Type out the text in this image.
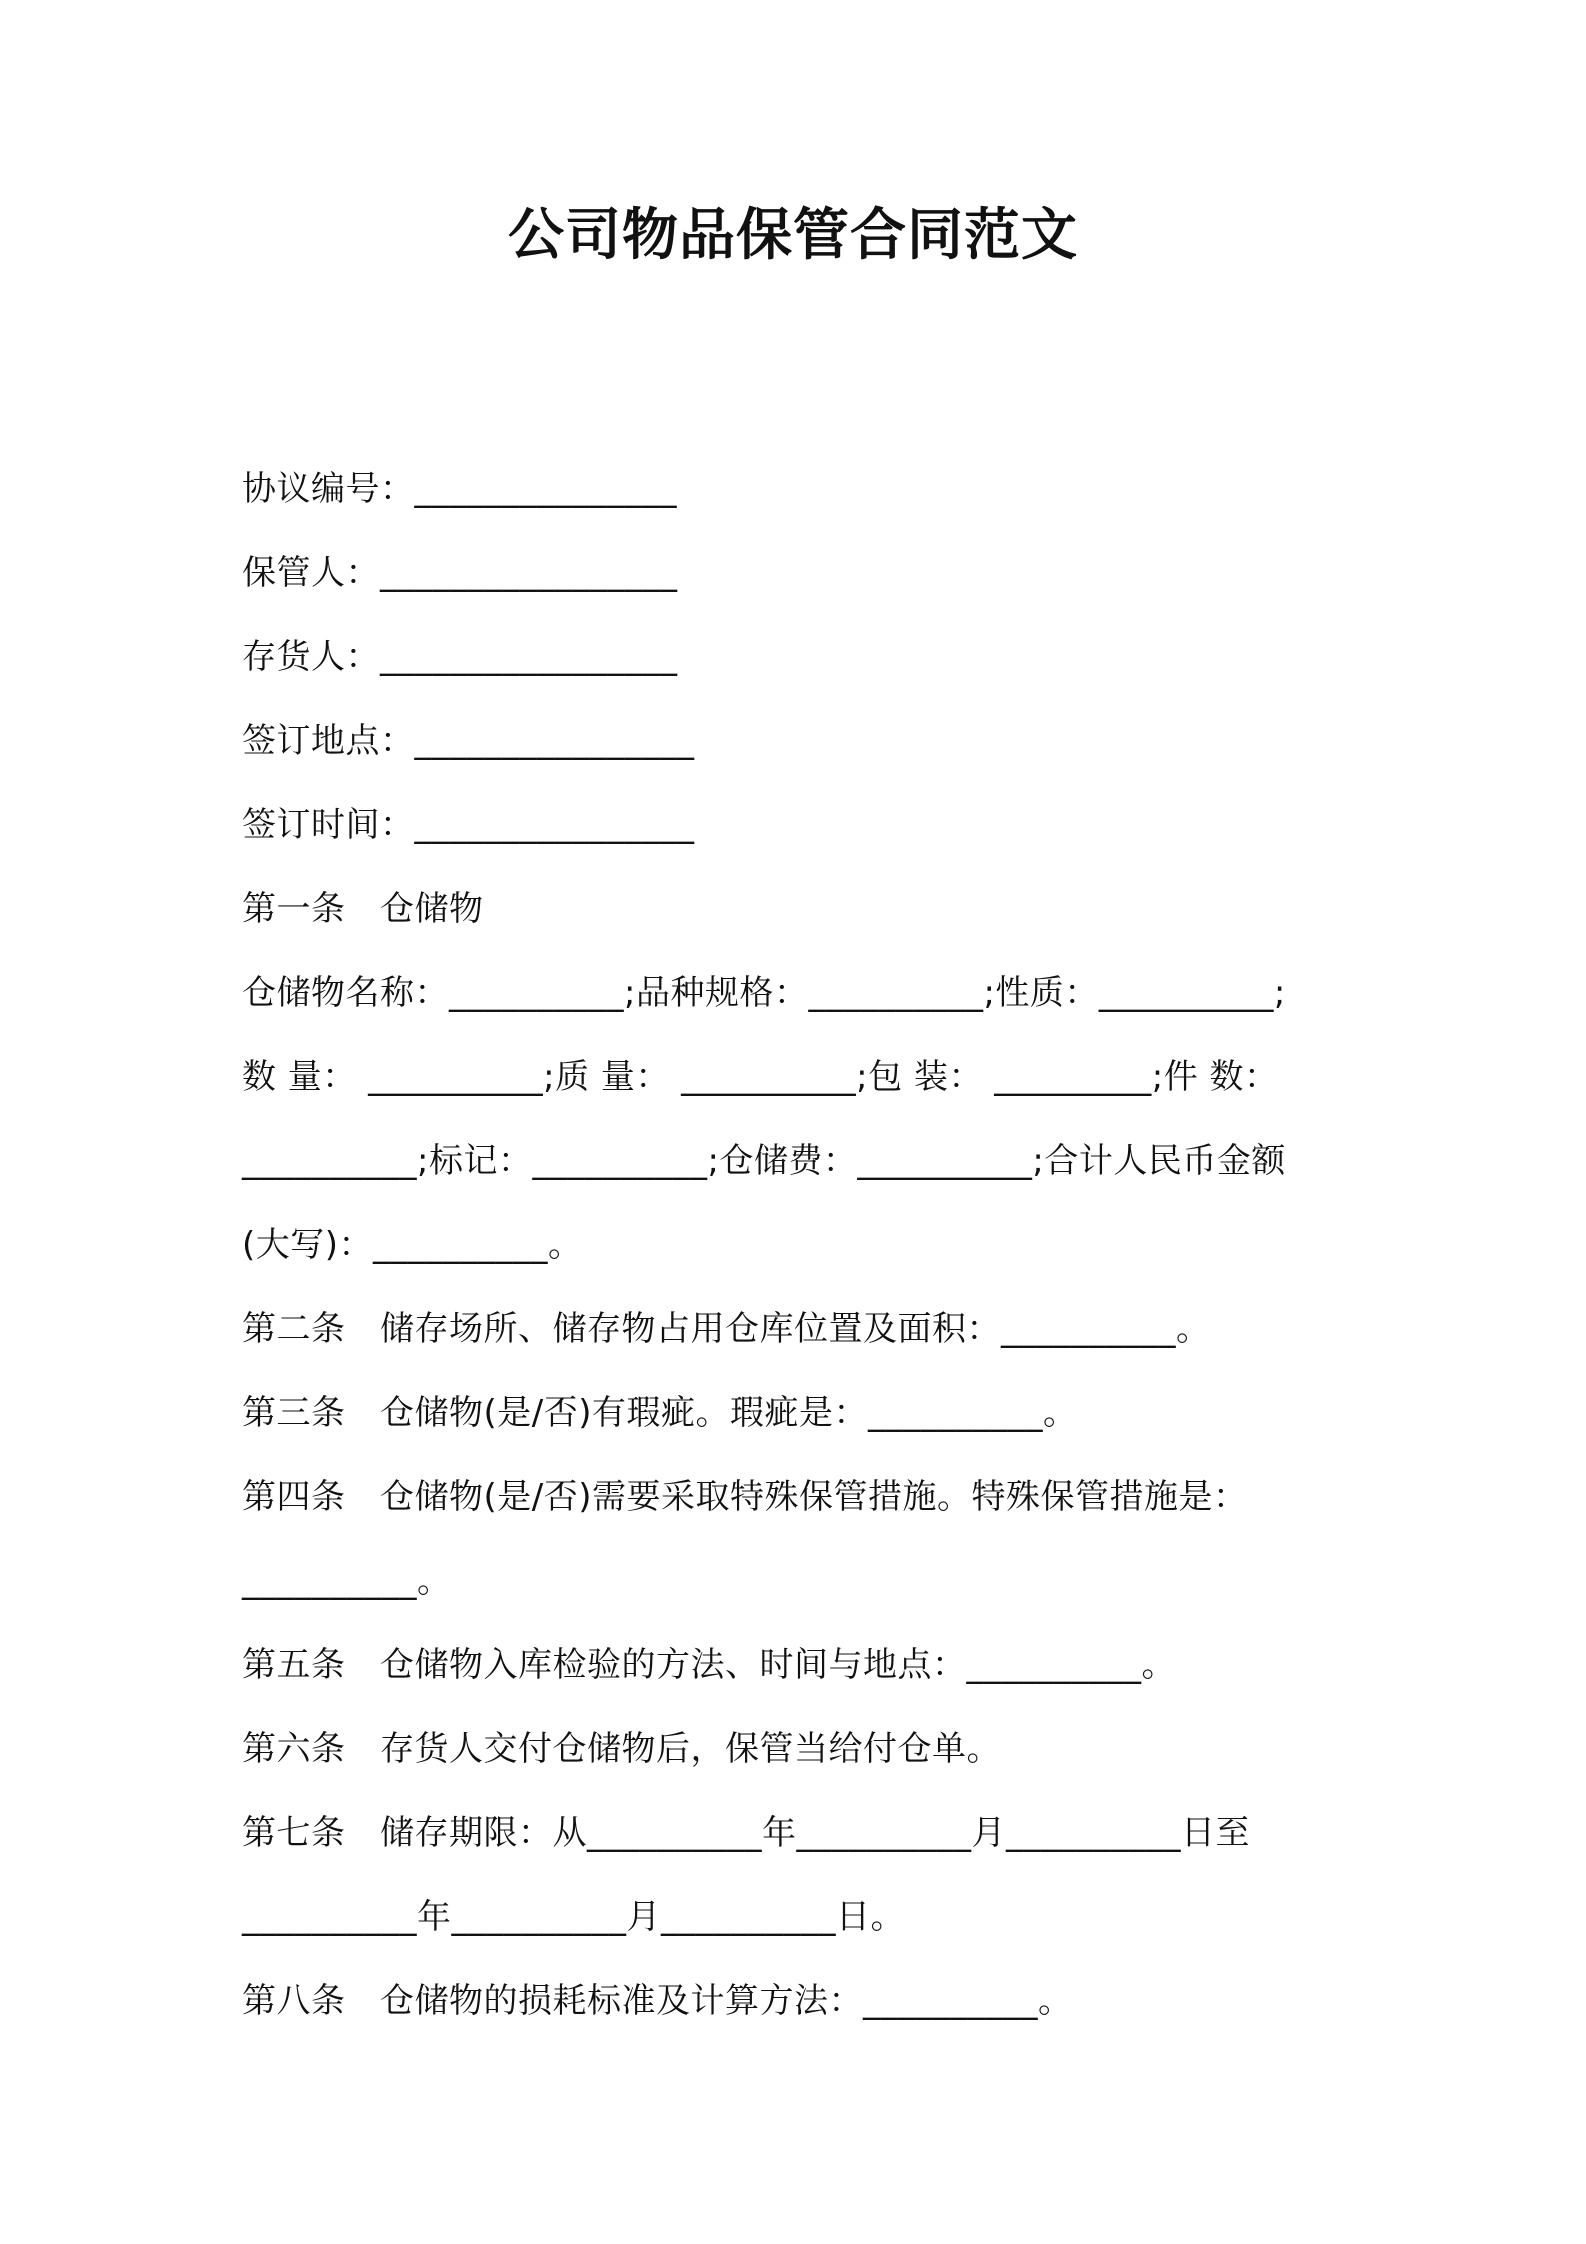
公司物品保管合同范文
协议编号：_______________
保管人：_________________
存货人：_________________
签订地点：________________
签订时间：________________
第一条　仓储物
仓储物名称：__________;品种规格：__________;性质：__________;
数 量： __________;质 量： __________;包 装： _________;件 数：
__________;标记：__________;仓储费：__________;合计人民币金额
(大写)：__________。
第二条　储存场所、储存物占用仓库位置及面积：__________。
第三条　仓储物(是/否)有瑕疵。瑕疵是：__________。
第四条　仓储物(是/否)需要采取特殊保管措施。特殊保管措施是：
__________。
第五条　仓储物入库检验的方法、时间与地点：__________。
第六条　存货人交付仓储物后，保管当给付仓单。
第七条　储存期限：从__________年__________月__________日至
__________年__________月__________日。
第八条　仓储物的损耗标准及计算方法：__________。
